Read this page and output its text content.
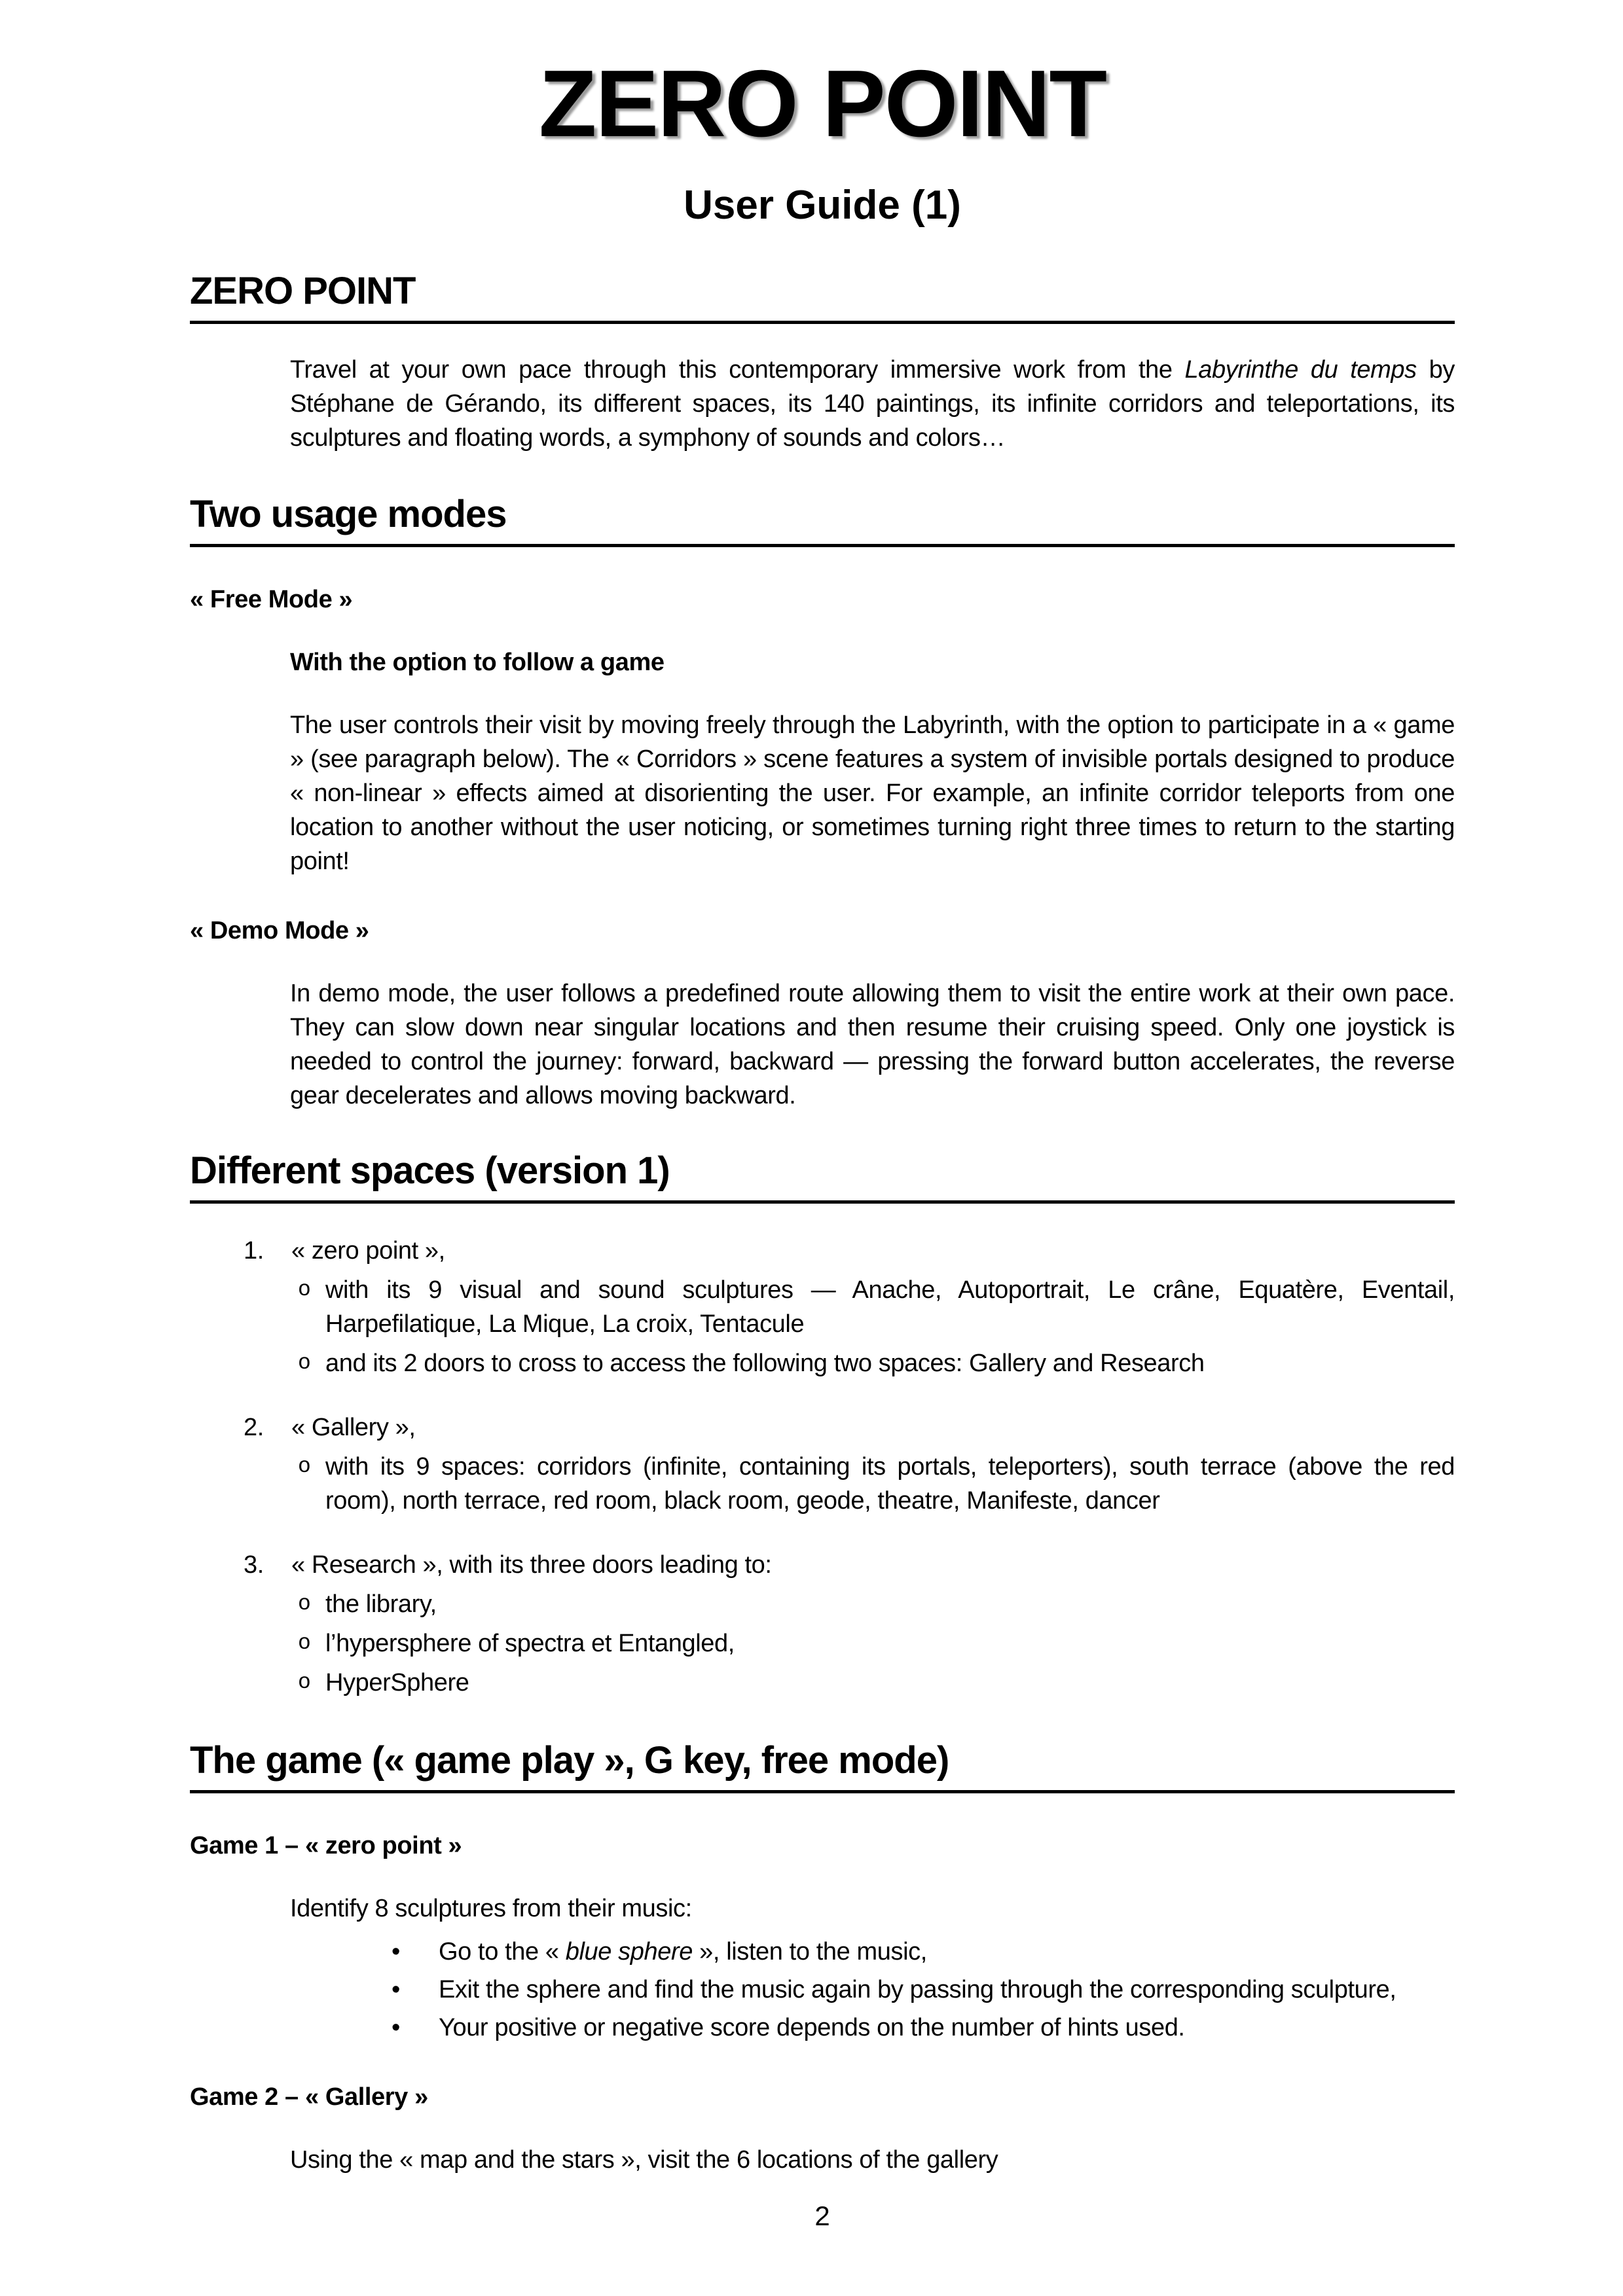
ZERO POINT
User Guide (1)
ZERO POINT

Travel at your own pace through this contemporary immersive work from the Labyrinthe du temps by Stéphane de Gérando, its different spaces, its 140 paintings, its infinite corridors and teleportations, its sculptures and floating words, a symphony of sounds and colors…

Two usage modes

« Free Mode »

With the option to follow a game

The user controls their visit by moving freely through the Labyrinth, with the option to participate in a « game » (see paragraph below). The « Corridors » scene features a system of invisible portals designed to produce « non-linear » effects aimed at disorienting the user. For example, an infinite corridor teleports from one location to another without the user noticing, or sometimes turning right three times to return to the starting point!

« Demo Mode »

In demo mode, the user follows a predefined route allowing them to visit the entire work at their own pace. They can slow down near singular locations and then resume their cruising speed. Only one joystick is needed to control the journey: forward, backward — pressing the forward button accelerates, the reverse gear decelerates and allows moving backward.

Different spaces (version 1)
1.	« zero point »,
o with its 9 visual and sound sculptures — Anache, Autoportrait, Le crâne, Equatère, Eventail, Harpefilatique, La Mique, La croix, Tentacule
o and its 2 doors to cross to access the following two spaces: Gallery and Research
2.	« Gallery »,
o with its 9 spaces: corridors (infinite, containing its portals, teleporters), south terrace (above the red room), north terrace, red room, black room, geode, theatre, Manifeste, dancer
3.	« Research », with its three doors leading to:
o the library,
o l’hypersphere of spectra et Entangled,
o HyperSphere
The game (« game play », G key, free mode)

Game 1 – « zero point »

Identify 8 sculptures from their music:

•	Go to the « blue sphere », listen to the music,
•	Exit the sphere and find the music again by passing through the corresponding sculpture,
•	Your positive or negative score depends on the number of hints used.

Game 2 – « Gallery »

Using the « map and the stars », visit the 6 locations of the gallery

2
